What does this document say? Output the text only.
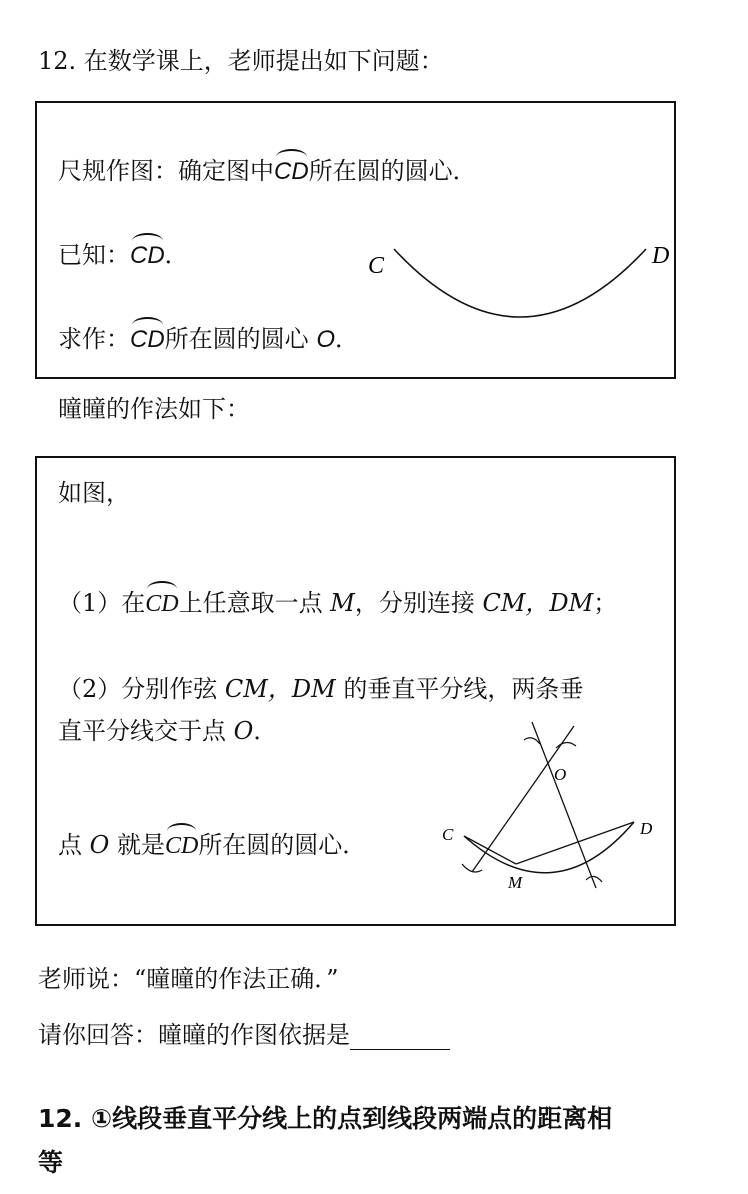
12. 在数学课上，老师提出如下问题：
尺规作图：确定图中CD所在圆的圆心．
已知：CD．
求作：CD所在圆的圆心 O．
C	D
曈曈的作法如下：
如图，
（1）在CD上任意取一点 M，分别连接 CM，DM；
（2）分别作弦 CM，DM 的垂直平分线，两条垂
直平分线交于点 O．
点 O 就是CD所在圆的圆心．
O
C	D
M
老师说：“曈曈的作法正确．”
请你回答：曈曈的作图依据是
12. ①线段垂直平分线上的点到线段两端点的距离相
等
